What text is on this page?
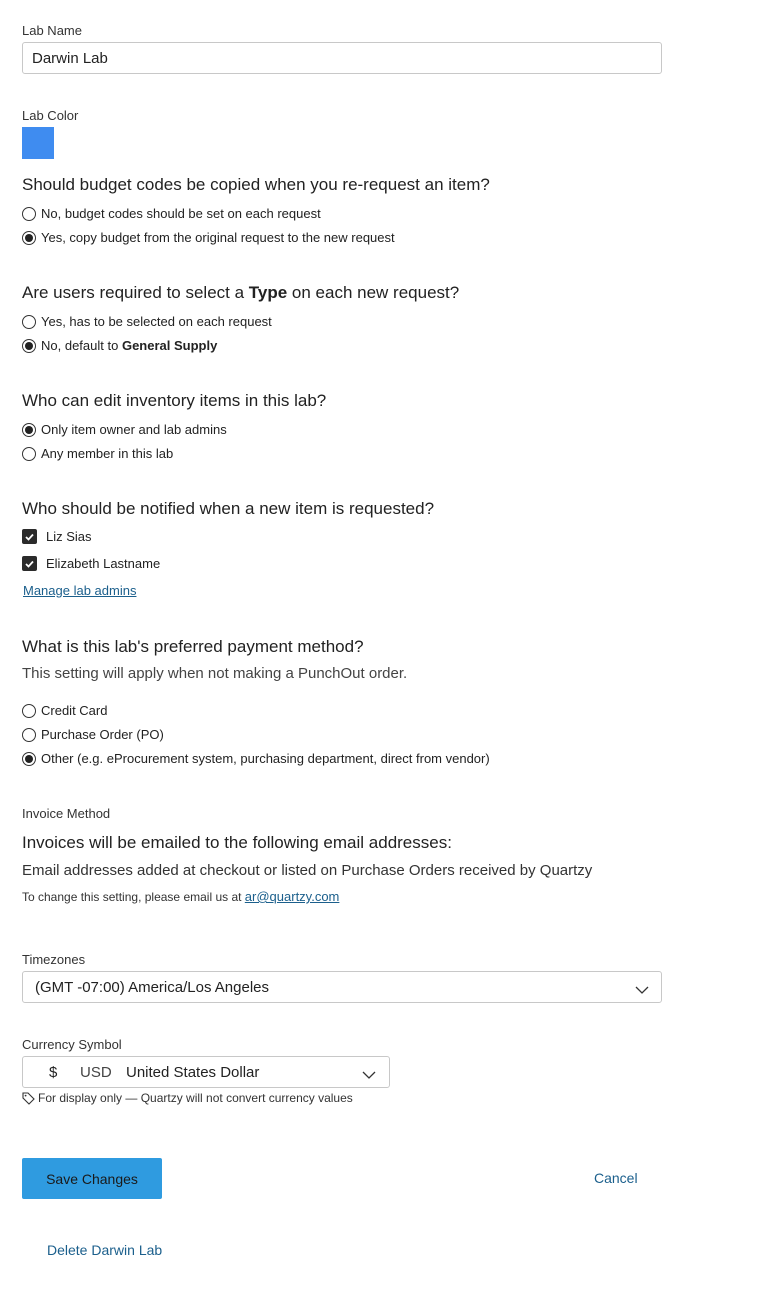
Lab Name
Darwin Lab
Lab Color
Should budget codes be copied when you re-request an item?
No, budget codes should be set on each request
Yes, copy budget from the original request to the new request
Are users required to select a Type on each new request?
Yes, has to be selected on each request
No, default to General Supply
Who can edit inventory items in this lab?
Only item owner and lab admins
Any member in this lab
Who should be notified when a new item is requested?
Liz Sias
Elizabeth Lastname
Manage lab admins
What is this lab's preferred payment method?
This setting will apply when not making a PunchOut order.
Credit Card
Purchase Order (PO)
Other (e.g. eProcurement system, purchasing department, direct from vendor)
Invoice Method
Invoices will be emailed to the following email addresses:
Email addresses added at checkout or listed on Purchase Orders received by Quartzy
To change this setting, please email us at ar@quartzy.com
Timezones
(GMT -07:00) America/Los Angeles
Currency Symbol
$ USD United States Dollar
For display only — Quartzy will not convert currency values
Save Changes	Cancel
Delete Darwin Lab
